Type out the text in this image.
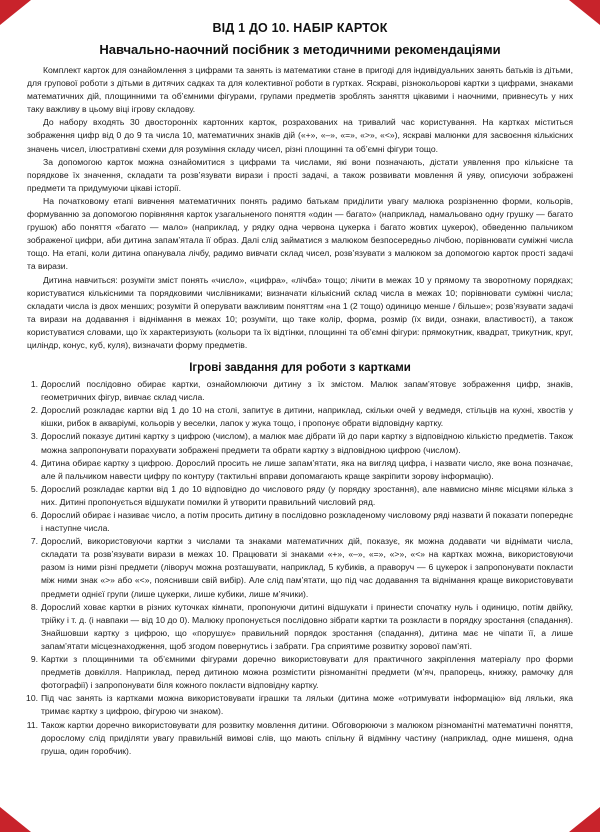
ВІД 1 ДО 10. НАБІР КАРТОК
Навчально-наочний посібник з методичними рекомендаціями

Комплект карток для ознайомлення з цифрами та занять із математики стане в пригоді для індивідуальних занять батьків із дітьми, для групової роботи з дітьми в дитячих садках та для колективної роботи в гуртках. Яскраві, різнокольорові картки з цифрами, знаками математичних дій, площинними та об’ємними фігурами, групами предметів зроблять заняття цікавими і наочними, привнесуть у них таку важливу в цьому віці ігрову складову.

До набору входять 30 двосторонніх картонних карток, розрахованих на тривалий час користування. На картках міститься зображення цифр від 0 до 9 та числа 10, математичних знаків дій («+», «–», «=», «>», «<»), яскраві малюнки для засвоєння кількісних значень чисел, ілюстративні схеми для розуміння складу чисел, різні площинні та об’ємні фігури тощо.

За допомогою карток можна ознайомитися з цифрами та числами, які вони позначають, дістати уявлення про кількісне та порядкове їх значення, складати та розв’язувати вирази і прості задачі, а також розвивати мовлення й уяву, описуючи зображені предмети та придумуючи цікаві історії.

На початковому етапі вивчення математичних понять радимо батькам приділити увагу малюка розрізненню форми, кольорів, формуванню за допомогою порівняння карток узагальненого поняття «один — багато» (наприклад, намальовано одну грушку — багато грушок) або поняття «багато — мало» (наприклад, у рядку одна червона цукерка і багато жовтих цукерок), обведенню пальчиком зображеної цифри, аби дитина запам’ятала її образ. Далі слід займатися з малюком безпосередньо лічбою, порівнювати суміжні числа тощо. На етапі, коли дитина опанувала лічбу, радимо вивчати склад чисел, розв’язувати з малюком за допомогою карток прості задачі та вирази.

Дитина навчиться: розуміти зміст понять «число», «цифра», «лічба» тощо; лічити в межах 10 у прямому та зворотному порядках; користуватися кількісними та порядковими числівниками; визначати кількісний склад числа в межах 10; порівнювати суміжні числа; складати числа із двох менших; розуміти й оперувати важливим поняттям «на 1 (2 тощо) одиницю менше / більше»; розв’язувати задачі та вирази на додавання і віднімання в межах 10; розуміти, що таке колір, форма, розмір (їх види, ознаки, властивості), а також користуватися словами, що їх характеризують (кольори та їх відтінки, площинні та об’ємні фігури: прямокутник, квадрат, трикутник, круг, циліндр, конус, куб, куля), визначати форму предметів.

Ігрові завдання для роботи з картками
Дорослий послідовно обирає картки, ознайомлюючи дитину з їх змістом. Малюк запам’ятовує зображення цифр, знаків, геометричних фігур, вивчає склад числа.
Дорослий розкладає картки від 1 до 10 на столі, запитує в дитини, наприклад, скільки очей у ведмедя, стільців на кухні, хвостів у кішки, рибок в акваріумі, кольорів у веселки, лапок у жука тощо, і пропонує обрати відповідну картку.
Дорослий показує дитині картку з цифрою (числом), а малюк має дібрати їй до пари картку з відповідною кількістю предметів. Також можна запропонувати порахувати зображені предмети та обрати картку з відповідною цифрою (числом).
Дитина обирає картку з цифрою. Дорослий просить не лише запам’ятати, яка на вигляд цифра, і назвати число, яке вона позначає, але й пальчиком навести цифру по контуру (тактильні вправи допомагають краще закріпити зорову інформацію).
Дорослий розкладає картки від 1 до 10 відповідно до числового ряду (у порядку зростання), але навмисно міняє місцями кілька з них. Дитині пропонується відшукати помилки й утворити правильний числовий ряд.
Дорослий обирає і називає число, а потім просить дитину в послідовно розкладеному числовому ряді назвати й показати попереднє і наступне числа.
Дорослий, використовуючи картки з числами та знаками математичних дій, показує, як можна додавати чи віднімати числа, складати та розв’язувати вирази в межах 10. Працювати зі знаками «+», «–», «=», «>», «<» на картках можна, використовуючи разом із ними різні предмети (ліворуч можна розташувати, наприклад, 5 кубиків, а праворуч — 6 цукерок і запропонувати покласти між ними знак «>» або «<», пояснивши свій вибір). Але слід пам’ятати, що під час додавання та віднімання краще використовувати предмети однієї групи (лише цукерки, лише кубики, лише м’ячики).
Дорослий ховає картки в різних куточках кімнати, пропонуючи дитині відшукати і принести спочатку нуль і одиницю, потім двійку, трійку і т. д. (і навпаки — від 10 до 0). Малюку пропонується послідовно зібрати картки та розкласти в порядку зростання (спадання). Знайшовши картку з цифрою, що «порушує» правильний порядок зростання (спадання), дитина має не чіпати її, а лише запам’ятати місцезнаходження, щоб згодом повернутись і забрати. Гра сприятиме розвитку зорової пам’яті.
Картки з площинними та об’ємними фігурами доречно використовувати для практичного закріплення матеріалу про форми предметів довкілля. Наприклад, перед дитиною можна розмістити різноманітні предмети (м’яч, прапорець, книжку, рамочку для фотографії) і запропонувати біля кожного покласти відповідну картку.
Під час занять із картками можна використовувати іграшки та ляльки (дитина може «отримувати інформацію» від ляльки, яка тримає картку з цифрою, фігурою чи знаком).
Також картки доречно використовувати для розвитку мовлення дитини. Обговорюючи з малюком різноманітні математичні поняття, дорослому слід приділяти увагу правильній вимові слів, що мають спільну й відмінну частину (наприклад, одне мишеня, одна груша, один горобчик).
